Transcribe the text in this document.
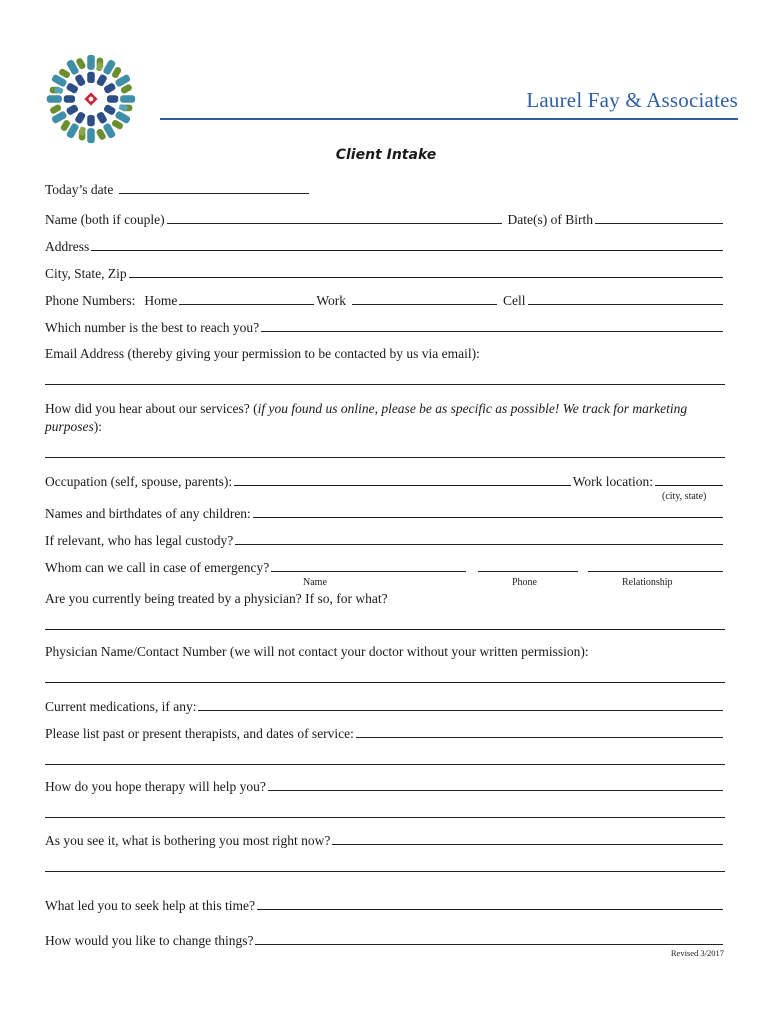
Laurel Fay & Associates
Client Intake
Today’s date
Name (both if couple)	Date(s) of Birth
Address
City, State, Zip
Phone Numbers: Home	Work	Cell
Which number is the best to reach you?
Email Address (thereby giving your permission to be contacted by us via email):
How did you hear about our services? (if you found us online, please be as specific as possible! We track for marketing purposes):
Occupation (self, spouse, parents):	Work location:
(city, state)
Names and birthdates of any children:
If relevant, who has legal custody?
Whom can we call in case of emergency?
Name	Phone	Relationship
Are you currently being treated by a physician? If so, for what?
Physician Name/Contact Number (we will not contact your doctor without your written permission):
Current medications, if any:
Please list past or present therapists, and dates of service:
How do you hope therapy will help you?
As you see it, what is bothering you most right now?
What led you to seek help at this time?
How would you like to change things?
Revised 3/2017
